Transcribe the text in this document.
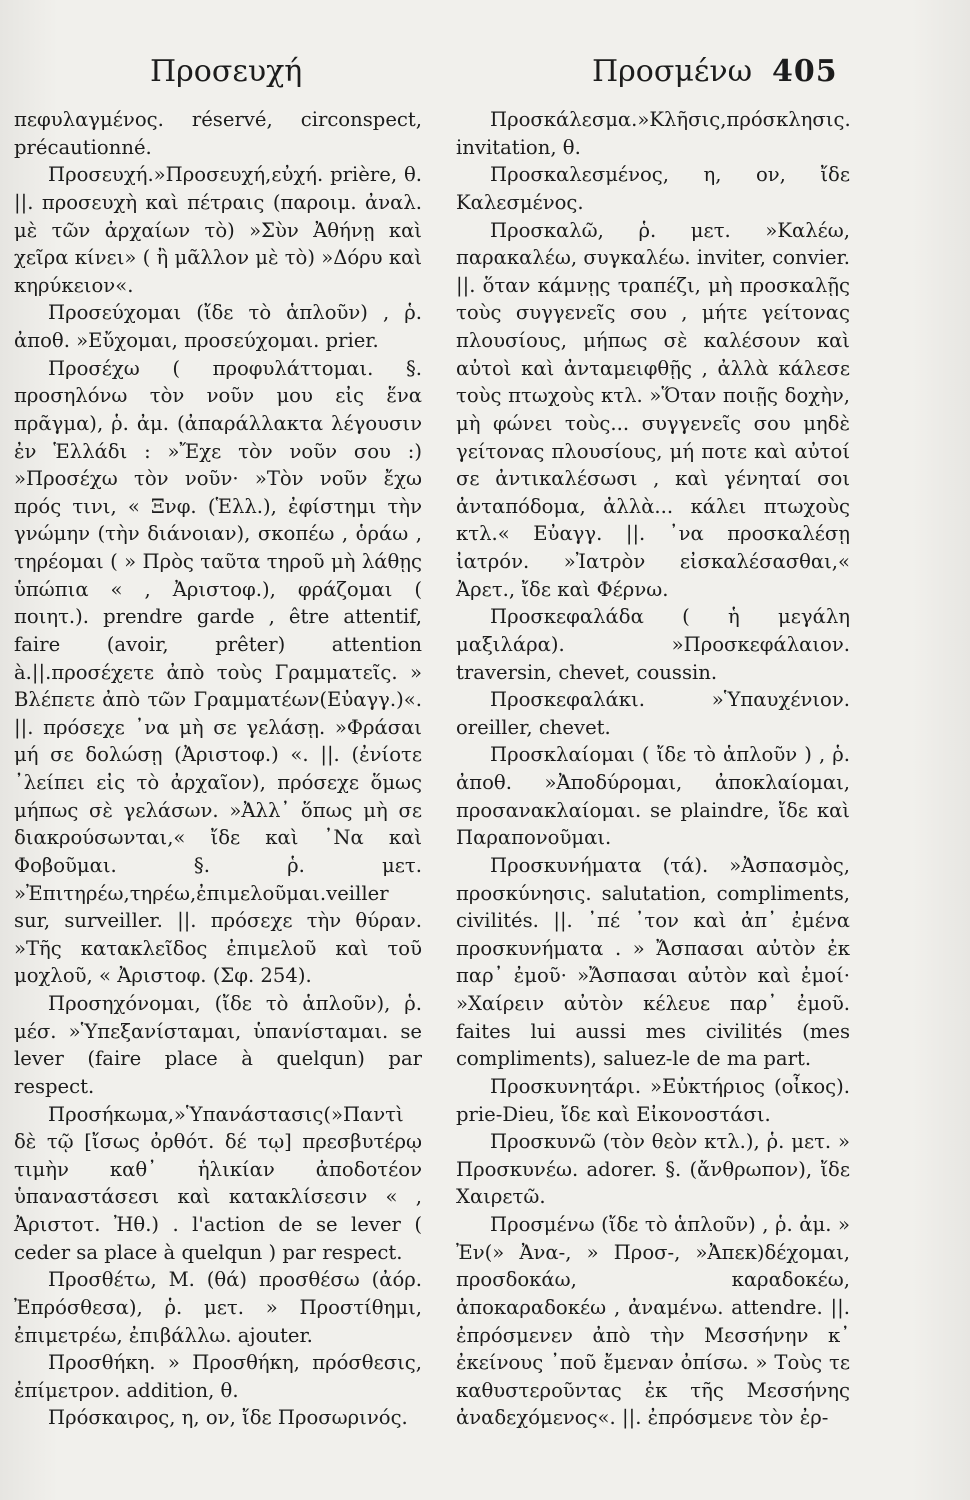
Προσευχή	Προσμένω 405

πεφυλαγμένος. réservé, circonspect, précautionné.

Προσευχή.»Προσευχή,εὐχή. prière, θ. ||. προσευχὴ καὶ πέτραις (παροιμ. ἀναλ. μὲ τῶν ἀρχαίων τὸ) »Σὺν Ἀθήνῃ καὶ χεῖρα κίνει» ( ἢ μᾶλλον μὲ τὸ) »Δόρυ καὶ κηρύκειον«.

Προσεύχομαι (ἴδε τὸ ἁπλοῦν) , ῥ. ἀποθ. »Εὔχομαι, προσεύχομαι. prier.

Προσέχω ( προφυλάττομαι. §. προσηλόνω τὸν νοῦν μου εἰς ἕνα πρᾶγμα), ῥ. ἀμ. (ἀπαράλλακτα λέγουσιν ἐν Ἑλλάδι : »Ἔχε τὸν νοῦν σου :) »Προσέχω τὸν νοῦν· »Τὸν νοῦν ἔχω πρός τινι, « Ξνφ. (Ἑλλ.), ἐφίστημι τὴν γνώμην (τὴν διάνοιαν), σκοπέω , ὁράω , τηρέομαι ( » Πρὸς ταῦτα τηροῦ μὴ λάθῃς ὑπώπια « , Ἀριστοφ.), φράζομαι ( ποιητ.). prendre garde , être attentif, faire (avoir, prêter) attention à.||.προσέχετε ἀπὸ τοὺς Γραμματεῖς. » Βλέπετε ἀπὸ τῶν Γραμματέων(Εὐαγγ.)«. ||. πρόσεχε ᾿να μὴ σε γελάσῃ. »Φράσαι μή σε δολώσῃ (Ἀριστοφ.) «. ||. (ἐνίοτε ᾿λείπει εἰς τὸ ἀρχαῖον), πρόσεχε ὅμως μήπως σὲ γελάσων. »Ἀλλ᾿ ὅπως μὴ σε διακρούσωνται,« ἴδε καὶ ᾿Να καὶ Φοβοῦμαι. §. ῥ. μετ. »Ἐπιτηρέω,τηρέω,ἐπιμελοῦμαι.veiller sur, surveiller. ||. πρόσεχε τὴν θύραν. »Τῆς κατακλεῖδος ἐπιμελοῦ καὶ τοῦ μοχλοῦ, « Ἀριστοφ. (Σφ. 254).

Προσηχόνομαι, (ἴδε τὸ ἁπλοῦν), ῥ. μέσ. »Ὑπεξανίσταμαι, ὑπανίσταμαι. se lever (faire place à quelqun) par respect.

Προσήκωμα,»Ὑπανάστασις(»Παντὶ δὲ τῷ [ἴσως ὀρθότ. δέ τῳ] πρεσβυτέρῳ τιμὴν καθ᾿ ἡλικίαν ἀποδοτέον ὑπαναστάσεσι καὶ κατακλίσεσιν « , Ἀριστοτ. Ἠθ.) . l'action de se lever ( ceder sa place à quelqun ) par respect.

Προσθέτω, Μ. (θά) προσθέσω (ἀόρ. Ἐπρόσθεσα), ῥ. μετ. » Προστίθημι, ἐπιμετρέω, ἐπιβάλλω. ajouter.

Προσθήκη. » Προσθήκη, πρόσθεσις, ἐπίμετρον. addition, θ.

Πρόσκαιρος, η, ον, ἴδε Προσωρινός.

Προσκάλεσμα.»Κλῆσις,πρόσκλησις. invitation, θ.

Προσκαλεσμένος, η, ον, ἴδε Καλεσμένος.

Προσκαλῶ, ῥ. μετ. »Καλέω, παρακαλέω, συγκαλέω. inviter, convier. ||. ὅταν κάμνῃς τραπέζι, μὴ προσκαλῇς τοὺς συγγενεῖς σου , μήτε γείτονας πλουσίους, μήπως σὲ καλέσουν καὶ αὐτοὶ καὶ ἀνταμειφθῇς , ἀλλὰ κάλεσε τοὺς πτωχοὺς κτλ. »Ὅταν ποιῇς δοχὴν, μὴ φώνει τοὺς... συγγενεῖς σου μηδὲ γείτονας πλουσίους, μή ποτε καὶ αὐτοί σε ἀντικαλέσωσι , καὶ γένηταί σοι ἀνταπόδομα, ἀλλὰ... κάλει πτωχοὺς κτλ.« Εὐαγγ. ||. ᾿να προσκαλέσῃ ἰατρόν. »Ἰατρὸν εἰσκαλέσασθαι,« Ἀρετ., ἴδε καὶ Φέρνω.

Προσκεφαλάδα ( ἡ μεγάλη μαξιλάρα). »Προσκεφάλαιον. traversin, chevet, coussin.

Προσκεφαλάκι. »Ὑπαυχένιον. oreiller, chevet.

Προσκλαίομαι ( ἴδε τὸ ἁπλοῦν ) , ῥ. ἀποθ. »Ἀποδύρομαι, ἀποκλαίομαι, προσανακλαίομαι. se plaindre, ἴδε καὶ Παραπονοῦμαι.

Προσκυνήματα (τά). »Ἀσπασμὸς, προσκύνησις. salutation, compliments, civilités. ||. ᾿πέ ᾿τον καὶ ἀπ᾿ ἐμένα προσκυνήματα . » Ἄσπασαι αὐτὸν ἐκ παρ᾿ ἐμοῦ· »Ἄσπασαι αὐτὸν καὶ ἐμοί· »Χαίρειν αὐτὸν κέλευε παρ᾿ ἐμοῦ. faites lui aussi mes civilités (mes compliments), saluez-le de ma part.

Προσκυνητάρι. »Εὐκτήριος (οἶκος). prie-Dieu, ἴδε καὶ Εἰκονοστάσι.

Προσκυνῶ (τὸν θεὸν κτλ.), ῥ. μετ. » Προσκυνέω. adorer. §. (ἄνθρωπον), ἴδε Χαιρετῶ.

Προσμένω (ἴδε τὸ ἁπλοῦν) , ῥ. ἀμ. » Ἐν(» Ἀνα-, » Προσ-, »Ἀπεκ)δέχομαι, προσδοκάω, καραδοκέω, ἀποκαραδοκέω , ἀναμένω. attendre. ||. ἐπρόσμενεν ἀπὸ τὴν Μεσσήνην κ᾿ ἐκείνους ᾿ποῦ ἔμεναν ὀπίσω. » Τοὺς τε καθυστεροῦντας ἐκ τῆς Μεσσήνης ἀναδεχόμενος«. ||. ἐπρόσμενε τὸν ἐρ-
